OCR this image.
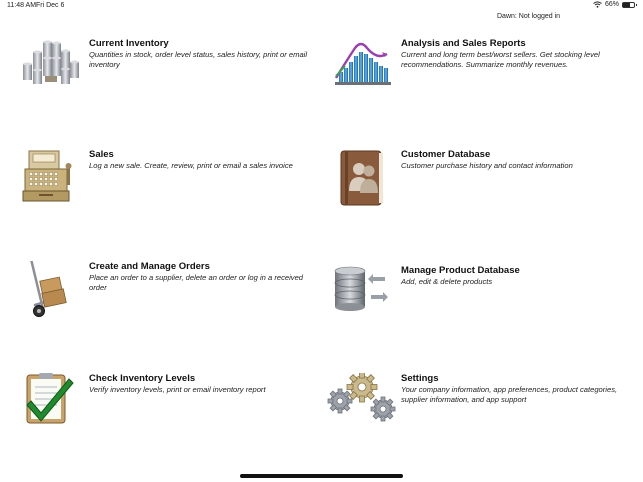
11:48 AM Fri Dec 6	66%
Dawn: Not logged in
Current Inventory
Quantities in stock, order level status, sales history, print or email inventory
Analysis and Sales Reports
Current and long term best/worst sellers. Get stocking level recommendations. Summarize monthly revenues.
Sales
Log a new sale. Create, review, print or email a sales invoice
Customer Database
Customer purchase history and contact information
Create and Manage Orders
Place an order to a supplier, delete an order or log in a received order
Manage Product Database
Add, edit & delete products
Check Inventory Levels
Verify inventory levels, print or email inventory report
Settings
Your company information, app preferences, product categories, supplier information, and app support
